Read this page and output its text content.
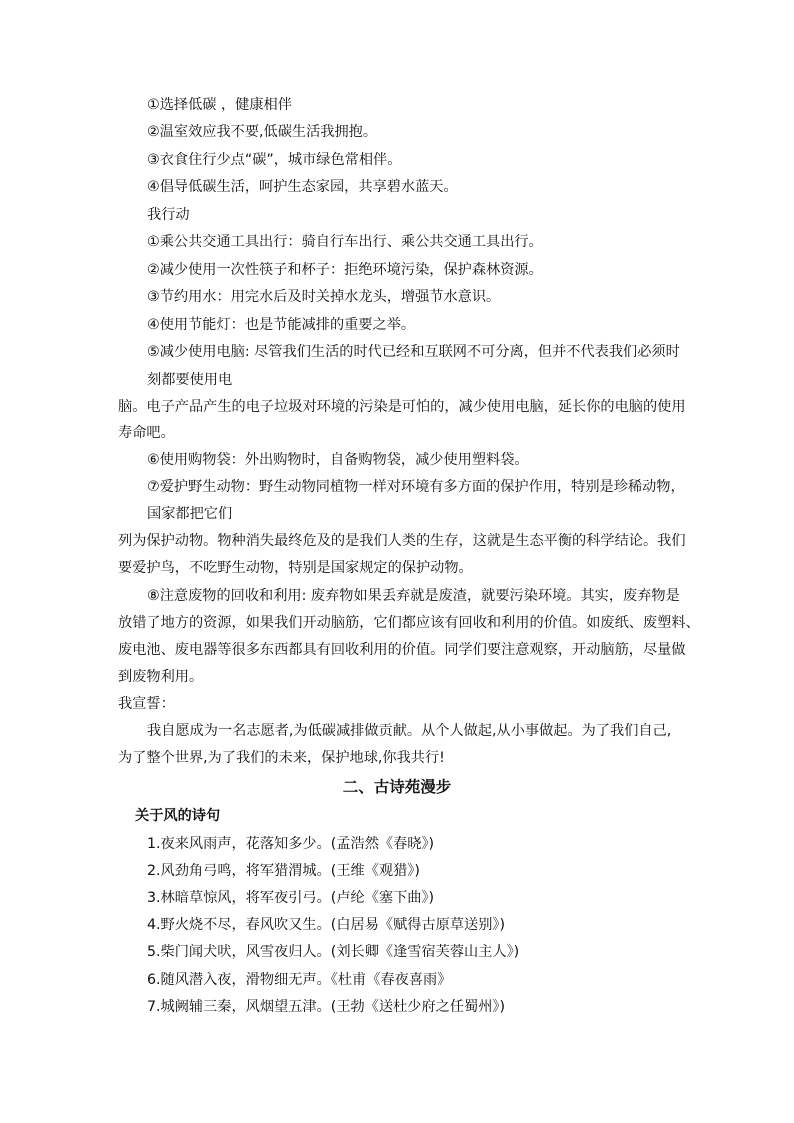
①选择低碳 ，健康相伴
②温室效应我不要,低碳生活我拥抱。
③衣食住行少点“碳”，城市绿色常相伴。
④倡导低碳生活，呵护生态家园，共享碧水蓝天。
我行动
①乘公共交通工具出行：骑自行车出行、乘公共交通工具出行。
②减少使用一次性筷子和杯子：拒绝环境污染，保护森林资源。
③节约用水：用完水后及时关掉水龙头，增强节水意识。
④使用节能灯：也是节能减排的重要之举。
⑤减少使用电脑: 尽管我们生活的时代已经和互联网不可分离，但并不代表我们必须时
刻都要使用电
脑。电子产品产生的电子垃圾对环境的污染是可怕的，减少使用电脑，延长你的电脑的使用
寿命吧。
⑥使用购物袋：外出购物时，自备购物袋，减少使用塑料袋。
⑦爱护野生动物：野生动物同植物一样对环境有多方面的保护作用，特别是珍稀动物，
国家都把它们
列为保护动物。物种消失最终危及的是我们人类的生存，这就是生态平衡的科学结论。我们
要爱护鸟，不吃野生动物，特别是国家规定的保护动物。
⑧注意废物的回收和利用: 废弃物如果丢弃就是废渣，就要污染环境。其实，废弃物是
放错了地方的资源，如果我们开动脑筋，它们都应该有回收和利用的价值。如废纸、废塑料、
废电池、废电器等很多东西都具有回收利用的价值。同学们要注意观察，开动脑筋，尽量做
到废物利用。
我宣誓：
我自愿成为一名志愿者,为低碳减排做贡献。从个人做起,从小事做起。为了我们自己,
为了整个世界,为了我们的未来，保护地球,你我共行!
二、古诗苑漫步
关于风的诗句
1.夜来风雨声，花落知多少。(孟浩然《春晓》)
2.风劲角弓鸣，将军猎渭城。(王维《观猎》)
3.林暗草惊风，将军夜引弓。(卢纶《塞下曲》)
4.野火烧不尽，春风吹又生。(白居易《赋得古原草送别》)
5.柴门闻犬吠，风雪夜归人。(刘长卿《逢雪宿芙蓉山主人》)
6.随风潜入夜，滑物细无声。《杜甫《春夜喜雨》
7.城阙辅三秦，风烟望五津。(王勃《送杜少府之任蜀州》)
